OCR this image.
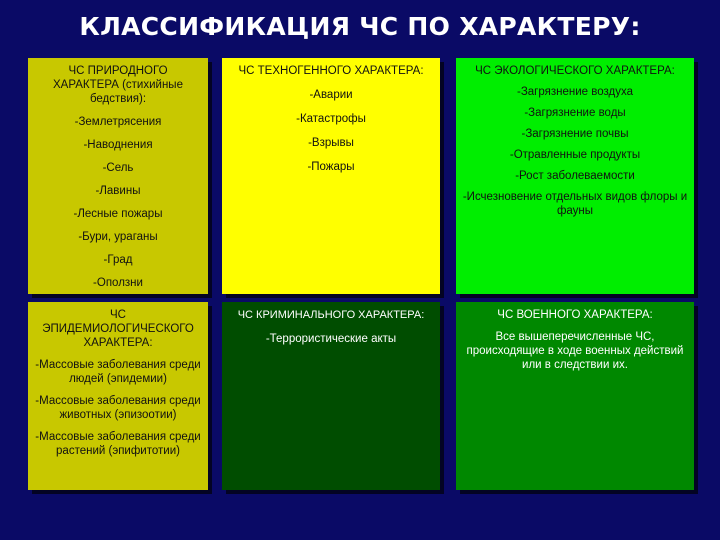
КЛАССИФИКАЦИЯ ЧС ПО ХАРАКТЕРУ:
ЧС ПРИРОДНОГО ХАРАКТЕРА (стихийные бедствия):
-Землетрясения
-Наводнения
-Сель
-Лавины
-Лесные пожары
-Бури, ураганы
-Град
-Оползни
ЧС ТЕХНОГЕННОГО ХАРАКТЕРА:
-Аварии
-Катастрофы
-Взрывы
-Пожары
ЧС ЭКОЛОГИЧЕСКОГО ХАРАКТЕРА:
-Загрязнение воздуха
-Загрязнение воды
-Загрязнение почвы
-Отравленные продукты
-Рост заболеваемости
-Исчезновение отдельных видов флоры и фауны
ЧС ЭПИДЕМИОЛОГИЧЕСКОГО ХАРАКТЕРА:
-Массовые заболевания среди людей (эпидемии)
-Массовые заболевания среди животных (эпизоотии)
-Массовые заболевания среди растений (эпифитотии)
ЧС КРИМИНАЛЬНОГО ХАРАКТЕРА:
-Террористические акты
ЧС ВОЕННОГО ХАРАКТЕРА:
Все вышеперечисленные ЧС, происходящие в ходе военных действий или в следствии их.
